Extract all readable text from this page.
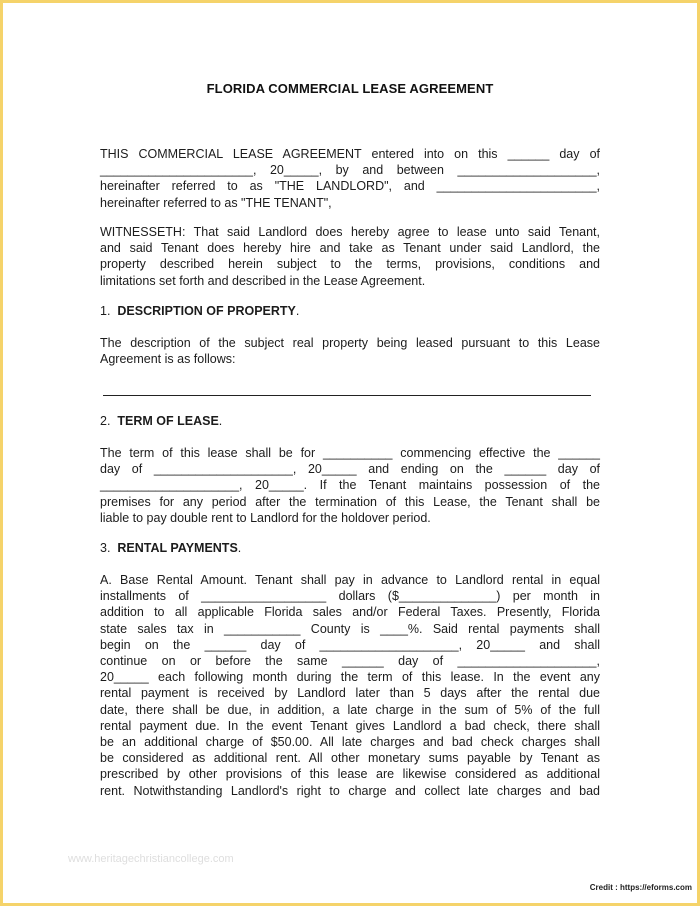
FLORIDA COMMERCIAL LEASE AGREEMENT
THIS COMMERCIAL LEASE AGREEMENT entered into on this ______ day of
______________________, 20_____, by and between ____________________,
hereinafter referred to as "THE LANDLORD", and _______________________,
hereinafter referred to as "THE TENANT",
WITNESSETH: That said Landlord does hereby agree to lease unto said Tenant,
and said Tenant does hereby hire and take as Tenant under said Landlord, the
property described herein subject to the terms, provisions, conditions and
limitations set forth and described in the Lease Agreement.
1. DESCRIPTION OF PROPERTY.
The description of the subject real property being leased pursuant to this Lease
Agreement is as follows:
2. TERM OF LEASE.
The term of this lease shall be for __________ commencing effective the ______
day of ____________________, 20_____ and ending on the ______ day of
____________________, 20_____. If the Tenant maintains possession of the
premises for any period after the termination of this Lease, the Tenant shall be
liable to pay double rent to Landlord for the holdover period.
3. RENTAL PAYMENTS.
A. Base Rental Amount. Tenant shall pay in advance to Landlord rental in equal
installments of __________________ dollars ($______________) per month in
addition to all applicable Florida sales and/or Federal Taxes. Presently, Florida
state sales tax in ___________ County is ____%. Said rental payments shall
begin on the ______ day of ____________________, 20_____ and shall
continue on or before the same ______ day of ____________________,
20_____ each following month during the term of this lease. In the event any
rental payment is received by Landlord later than 5 days after the rental due
date, there shall be due, in addition, a late charge in the sum of 5% of the full
rental payment due. In the event Tenant gives Landlord a bad check, there shall
be an additional charge of $50.00. All late charges and bad check charges shall
be considered as additional rent. All other monetary sums payable by Tenant as
prescribed by other provisions of this lease are likewise considered as additional
rent. Notwithstanding Landlord's right to charge and collect late charges and bad
www.heritagechristiancollege.com
Credit : https://eforms.com
